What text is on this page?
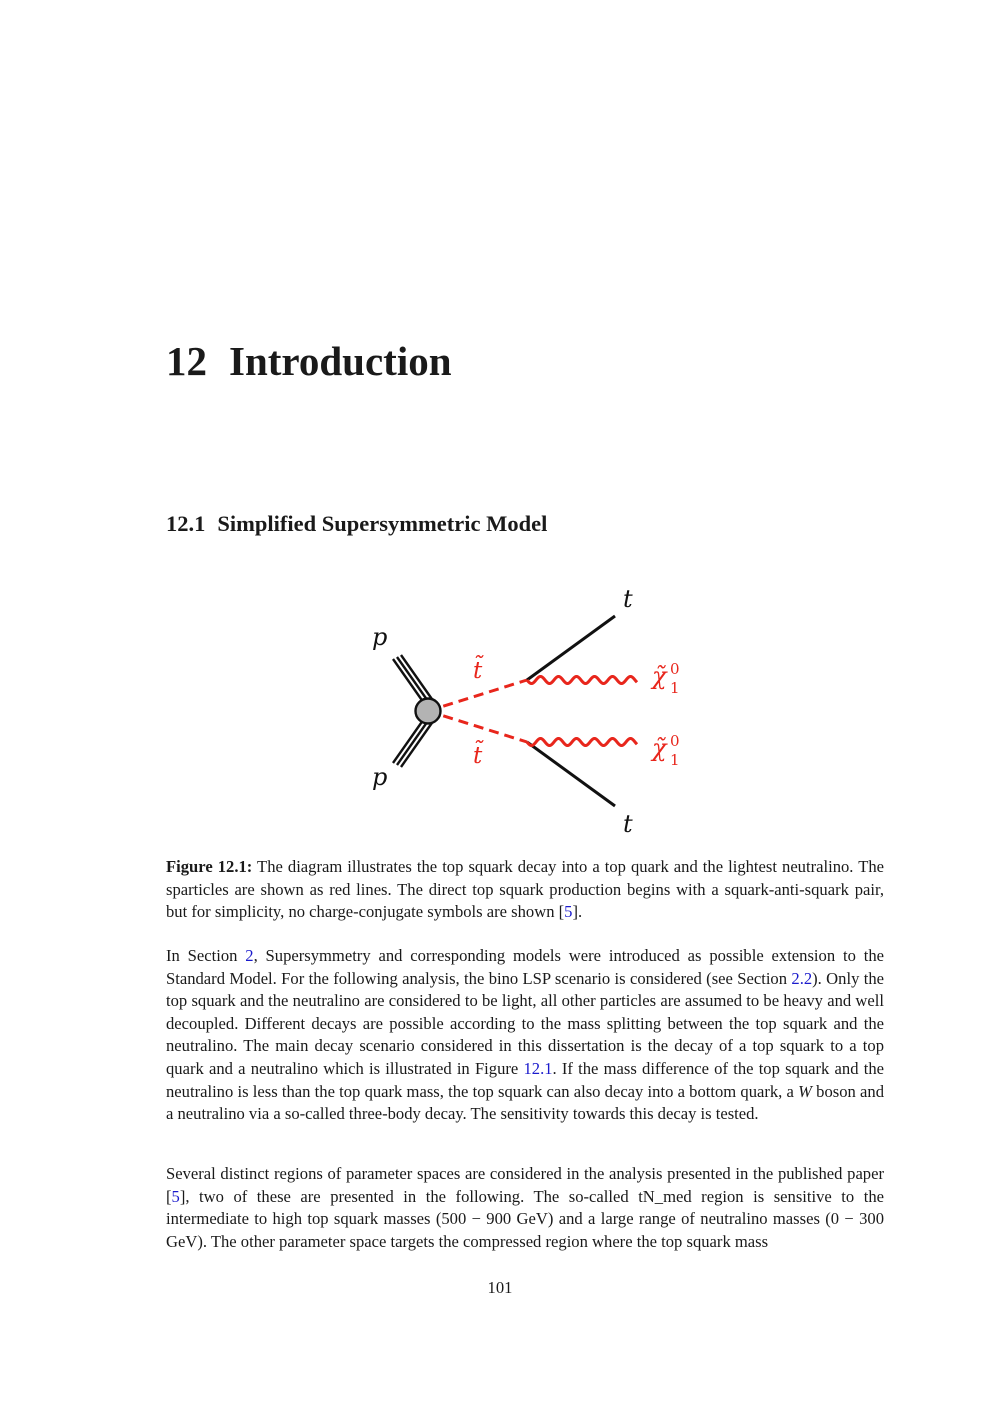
12 Introduction
12.1 Simplified Supersymmetric Model
p
p
t̃
t̃
t
t
χ̃ 0 1
χ̃ 0 1

Figure 12.1: The diagram illustrates the top squark decay into a top quark and the lightest neutralino. The sparticles are shown as red lines. The direct top squark production begins with a squark-anti-squark pair, but for simplicity, no charge-conjugate symbols are shown [5].

In Section 2, Supersymmetry and corresponding models were introduced as possible extension to the Standard Model. For the following analysis, the bino LSP scenario is considered (see Section 2.2). Only the top squark and the neutralino are considered to be light, all other particles are assumed to be heavy and well decoupled. Different decays are possible according to the mass splitting between the top squark and the neutralino. The main decay scenario considered in this dissertation is the decay of a top squark to a top quark and a neutralino which is illustrated in Figure 12.1. If the mass difference of the top squark and the neutralino is less than the top quark mass, the top squark can also decay into a bottom quark, a W boson and a neutralino via a so-called three-body decay. The sensitivity towards this decay is tested.

Several distinct regions of parameter spaces are considered in the analysis presented in the published paper [5], two of these are presented in the following. The so-called tN_med region is sensitive to the intermediate to high top squark masses (500 − 900 GeV) and a large range of neutralino masses (0 − 300 GeV). The other parameter space targets the compressed region where the top squark mass

101
